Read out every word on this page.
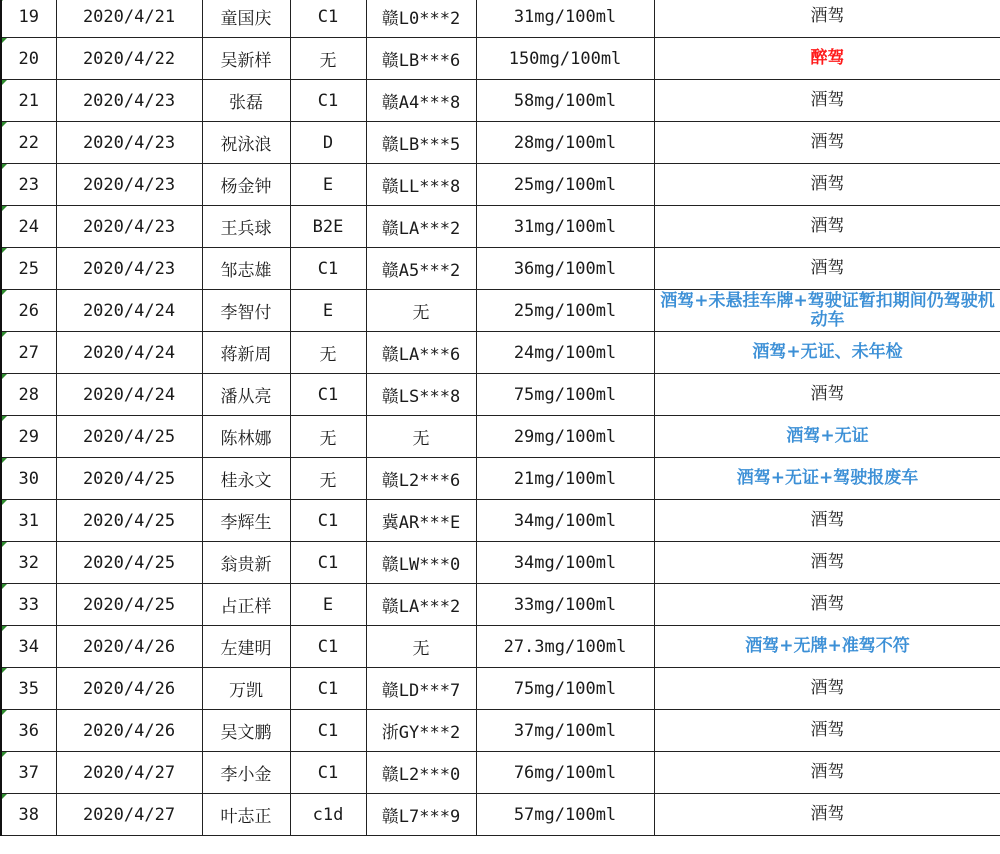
19	2020/4/21	童国庆	C1	赣L0***2	31mg/100ml	酒驾
20	2020/4/22	吴新样	无	赣LB***6	150mg/100ml	醉驾
21	2020/4/23	张磊	C1	赣A4***8	58mg/100ml	酒驾
22	2020/4/23	祝泳浪	D	赣LB***5	28mg/100ml	酒驾
23	2020/4/23	杨金钟	E	赣LL***8	25mg/100ml	酒驾
24	2020/4/23	王兵球	B2E	赣LA***2	31mg/100ml	酒驾
25	2020/4/23	邹志雄	C1	赣A5***2	36mg/100ml	酒驾
26	2020/4/24	李智付	E	无	25mg/100ml	酒驾+未悬挂车牌+驾驶证暂扣期间仍驾驶机动车
27	2020/4/24	蒋新周	无	赣LA***6	24mg/100ml	酒驾+无证、未年检
28	2020/4/24	潘从亮	C1	赣LS***8	75mg/100ml	酒驾
29	2020/4/25	陈林娜	无	无	29mg/100ml	酒驾+无证
30	2020/4/25	桂永文	无	赣L2***6	21mg/100ml	酒驾+无证+驾驶报废车
31	2020/4/25	李辉生	C1	冀AR***E	34mg/100ml	酒驾
32	2020/4/25	翁贵新	C1	赣LW***0	34mg/100ml	酒驾
33	2020/4/25	占正样	E	赣LA***2	33mg/100ml	酒驾
34	2020/4/26	左建明	C1	无	27.3mg/100ml	酒驾+无牌+准驾不符
35	2020/4/26	万凯	C1	赣LD***7	75mg/100ml	酒驾
36	2020/4/26	吴文鹏	C1	浙GY***2	37mg/100ml	酒驾
37	2020/4/27	李小金	C1	赣L2***0	76mg/100ml	酒驾
38	2020/4/27	叶志正	c1d	赣L7***9	57mg/100ml	酒驾
